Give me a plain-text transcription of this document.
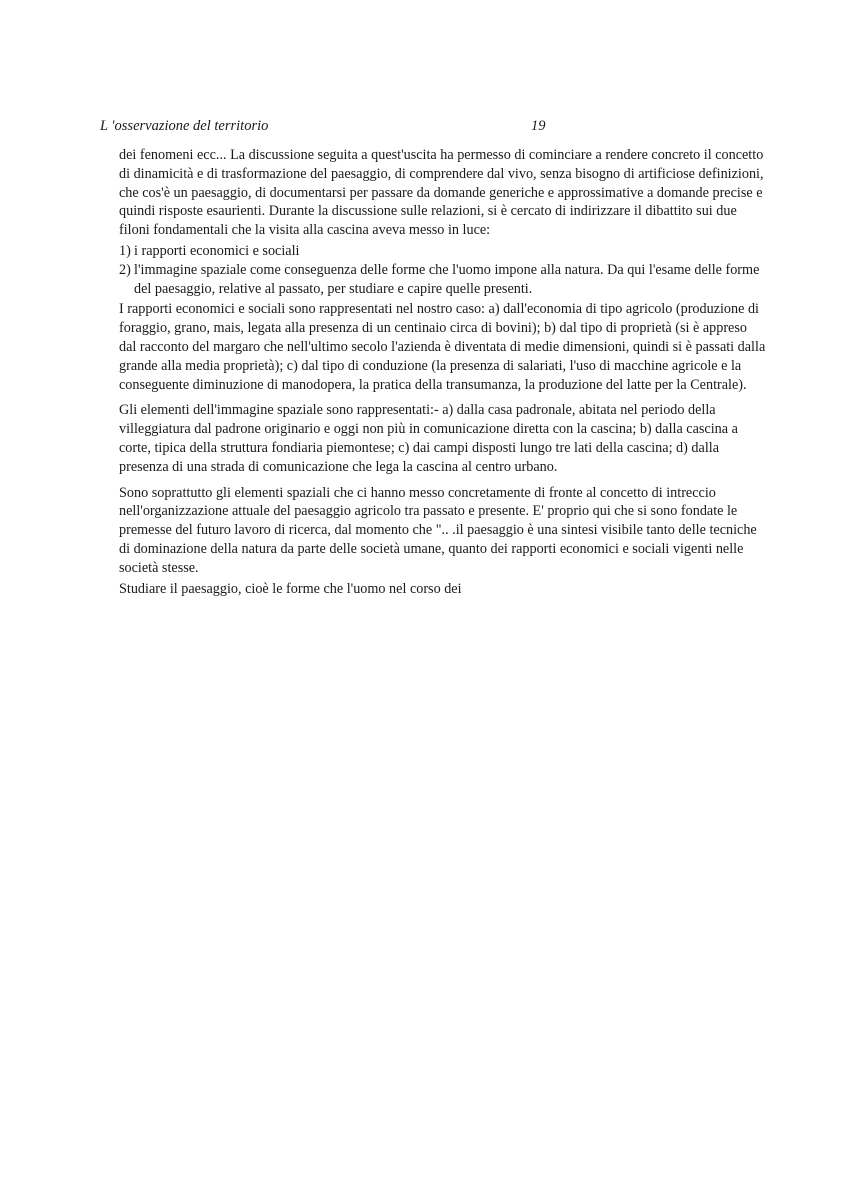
L 'osservazione del territorio	19

dei fenomeni ecc... La discussione seguita a quest'uscita ha permesso di cominciare a rendere concreto il concetto di dinamicità e di trasformazione del paesaggio, di comprendere dal vivo, senza bisogno di artificiose definizioni, che cos'è un paesaggio, di documentarsi per passare da domande generiche e approssimative a domande precise e quindi risposte esaurienti. Durante la discussione sulle relazioni, si è cercato di indirizzare il dibattito sui due filoni fondamentali che la visita alla cascina aveva messo in luce:

1) i rapporti economici e sociali
2) l'immagine spaziale come conseguenza delle forme che l'uomo impone alla natura. Da qui l'esame delle forme del paesaggio, relative al passato, per studiare e capire quelle presenti.

I rapporti economici e sociali sono rappresentati nel nostro caso: a) dall'economia di tipo agricolo (produzione di foraggio, grano, mais, legata alla presenza di un centinaio circa di bovini); b) dal tipo di proprietà (si è appreso dal racconto del margaro che nell'ultimo secolo l'azienda è diventata di medie dimensioni, quindi si è passati dalla grande alla media proprietà); c) dal tipo di conduzione (la presenza di salariati, l'uso di macchine agricole e la conseguente diminuzione di manodopera, la pratica della transumanza, la produzione del latte per la Centrale).

Gli elementi dell'immagine spaziale sono rappresentati:- a) dalla casa padronale, abitata nel periodo della villeggiatura dal padrone originario e oggi non più in comunicazione diretta con la cascina; b) dalla cascina a corte, tipica della struttura fondiaria piemontese; c) dai campi disposti lungo tre lati della cascina; d) dalla presenza di una strada di comunicazione che lega la cascina al centro urbano.

Sono soprattutto gli elementi spaziali che ci hanno messo concretamente di fronte al concetto di intreccio nell'organizzazione attuale del paesaggio agricolo tra passato e presente. E' proprio qui che si sono fondate le premesse del futuro lavoro di ricerca, dal momento che ".. .il paesaggio è una sintesi visibile tanto delle tecniche di dominazione della natura da parte delle società umane, quanto dei rapporti economici e sociali vigenti nelle società stesse.

Studiare il paesaggio, cioè le forme che l'uomo nel corso dei
